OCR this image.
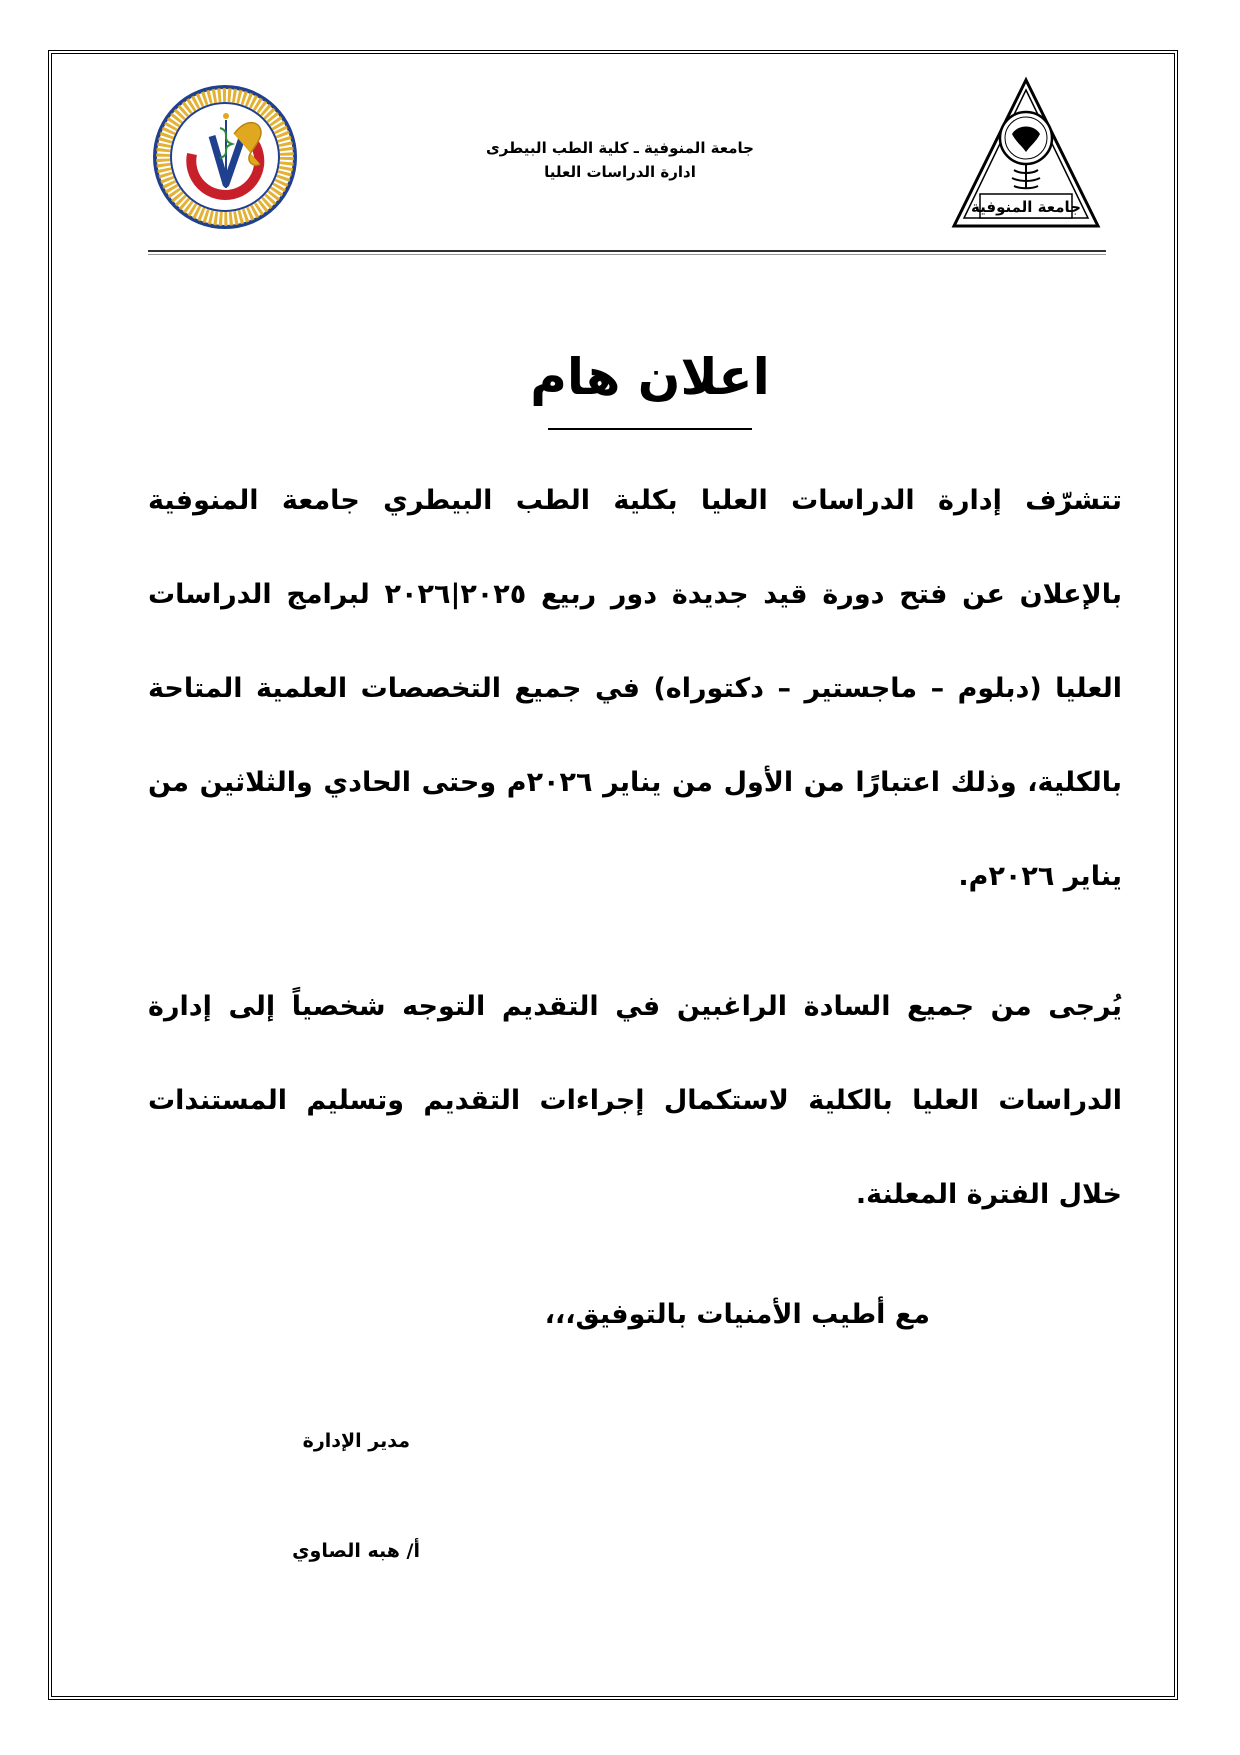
جامعة المنوفية
جامعة المنوفية ـ كلية الطب البيطرى
ادارة الدراسات العليا
اعلان هام
تتشرّف إدارة الدراسات العليا بكلية الطب البيطري جامعة المنوفية بالإعلان عن فتح دورة قيد جديدة دور ربيع ٢٠٢٥|٢٠٢٦ لبرامج الدراسات العليا (دبلوم – ماجستير – دكتوراه) في جميع التخصصات العلمية المتاحة بالكلية، وذلك اعتبارًا من الأول من يناير ٢٠٢٦م وحتى الحادي والثلاثين من يناير ٢٠٢٦م.
يُرجى من جميع السادة الراغبين في التقديم التوجه شخصياً إلى إدارة الدراسات العليا بالكلية لاستكمال إجراءات التقديم وتسليم المستندات خلال الفترة المعلنة.
مع أطيب الأمنيات بالتوفيق،،،
مدير الإدارة
أ/ هبه الصاوي
